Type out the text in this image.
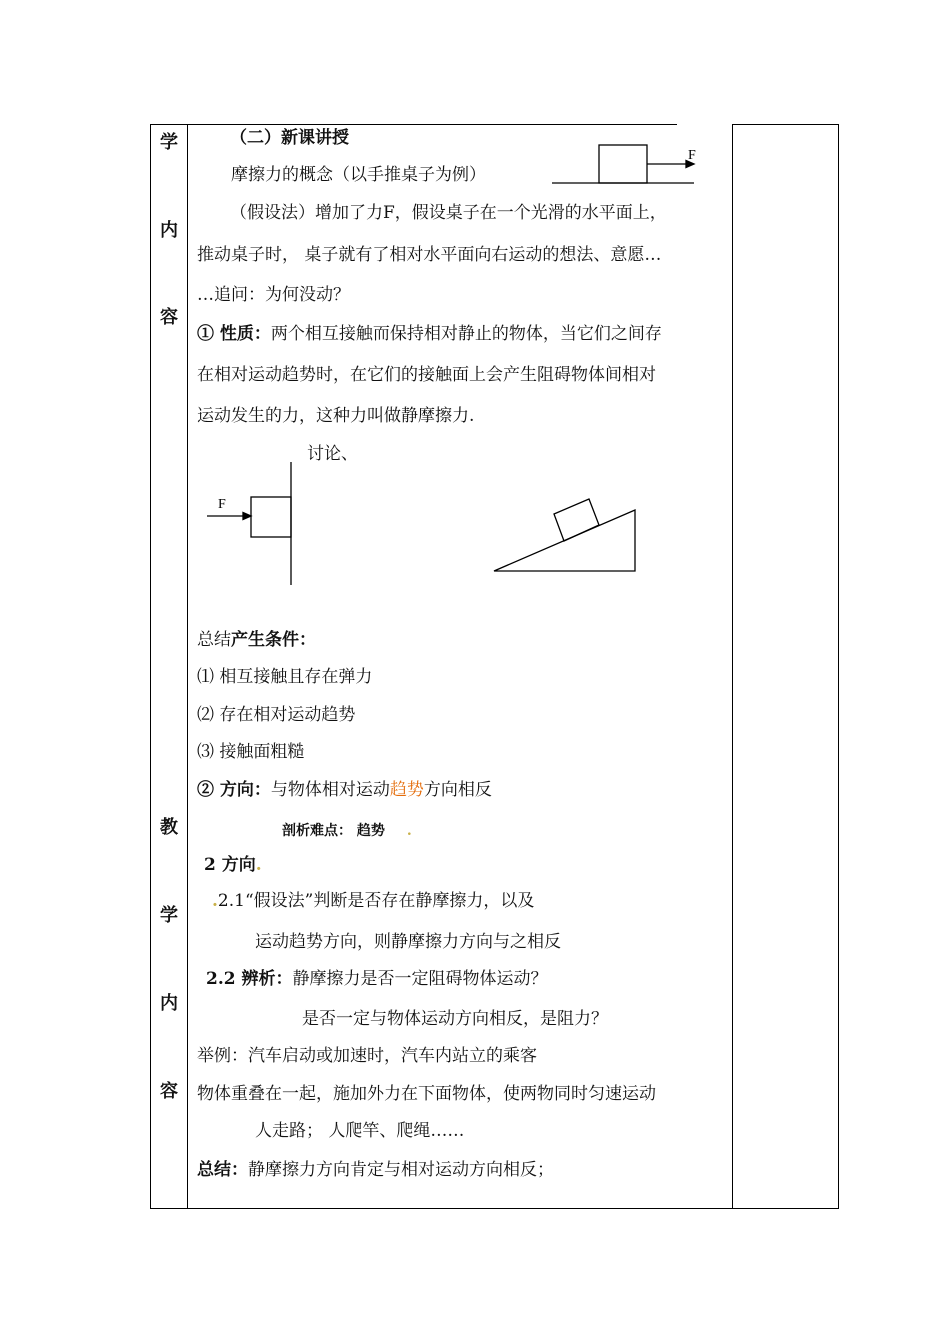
学
内
容
教
学
内
容
（二）新课讲授
摩擦力的概念（以手推桌子为例）
（假设法）增加了力F，假设桌子在一个光滑的水平面上，
推动桌子时， 桌子就有了相对水平面向右运动的想法、意愿…
…追问：为何没动？
① 性质：两个相互接触而保持相对静止的物体，当它们之间存
在相对运动趋势时，在它们的接触面上会产生阻碍物体间相对
运动发生的力，这种力叫做静摩擦力.
讨论、
总结产生条件：
⑴ 相互接触且存在弹力
⑵ 存在相对运动趋势
⑶ 接触面粗糙
② 方向：与物体相对运动趋势方向相反
剖析难点： 趋势 .
2 方向.
.2.1“假设法”判断是否存在静摩擦力，以及
运动趋势方向，则静摩擦力方向与之相反
2.2 辨析：静摩擦力是否一定阻碍物体运动？
是否一定与物体运动方向相反，是阻力？
举例：汽车启动或加速时，汽车内站立的乘客
物体重叠在一起，施加外力在下面物体，使两物同时匀速运动
人走路； 人爬竿、爬绳……
总结：静摩擦力方向肯定与相对运动方向相反；
F
F
